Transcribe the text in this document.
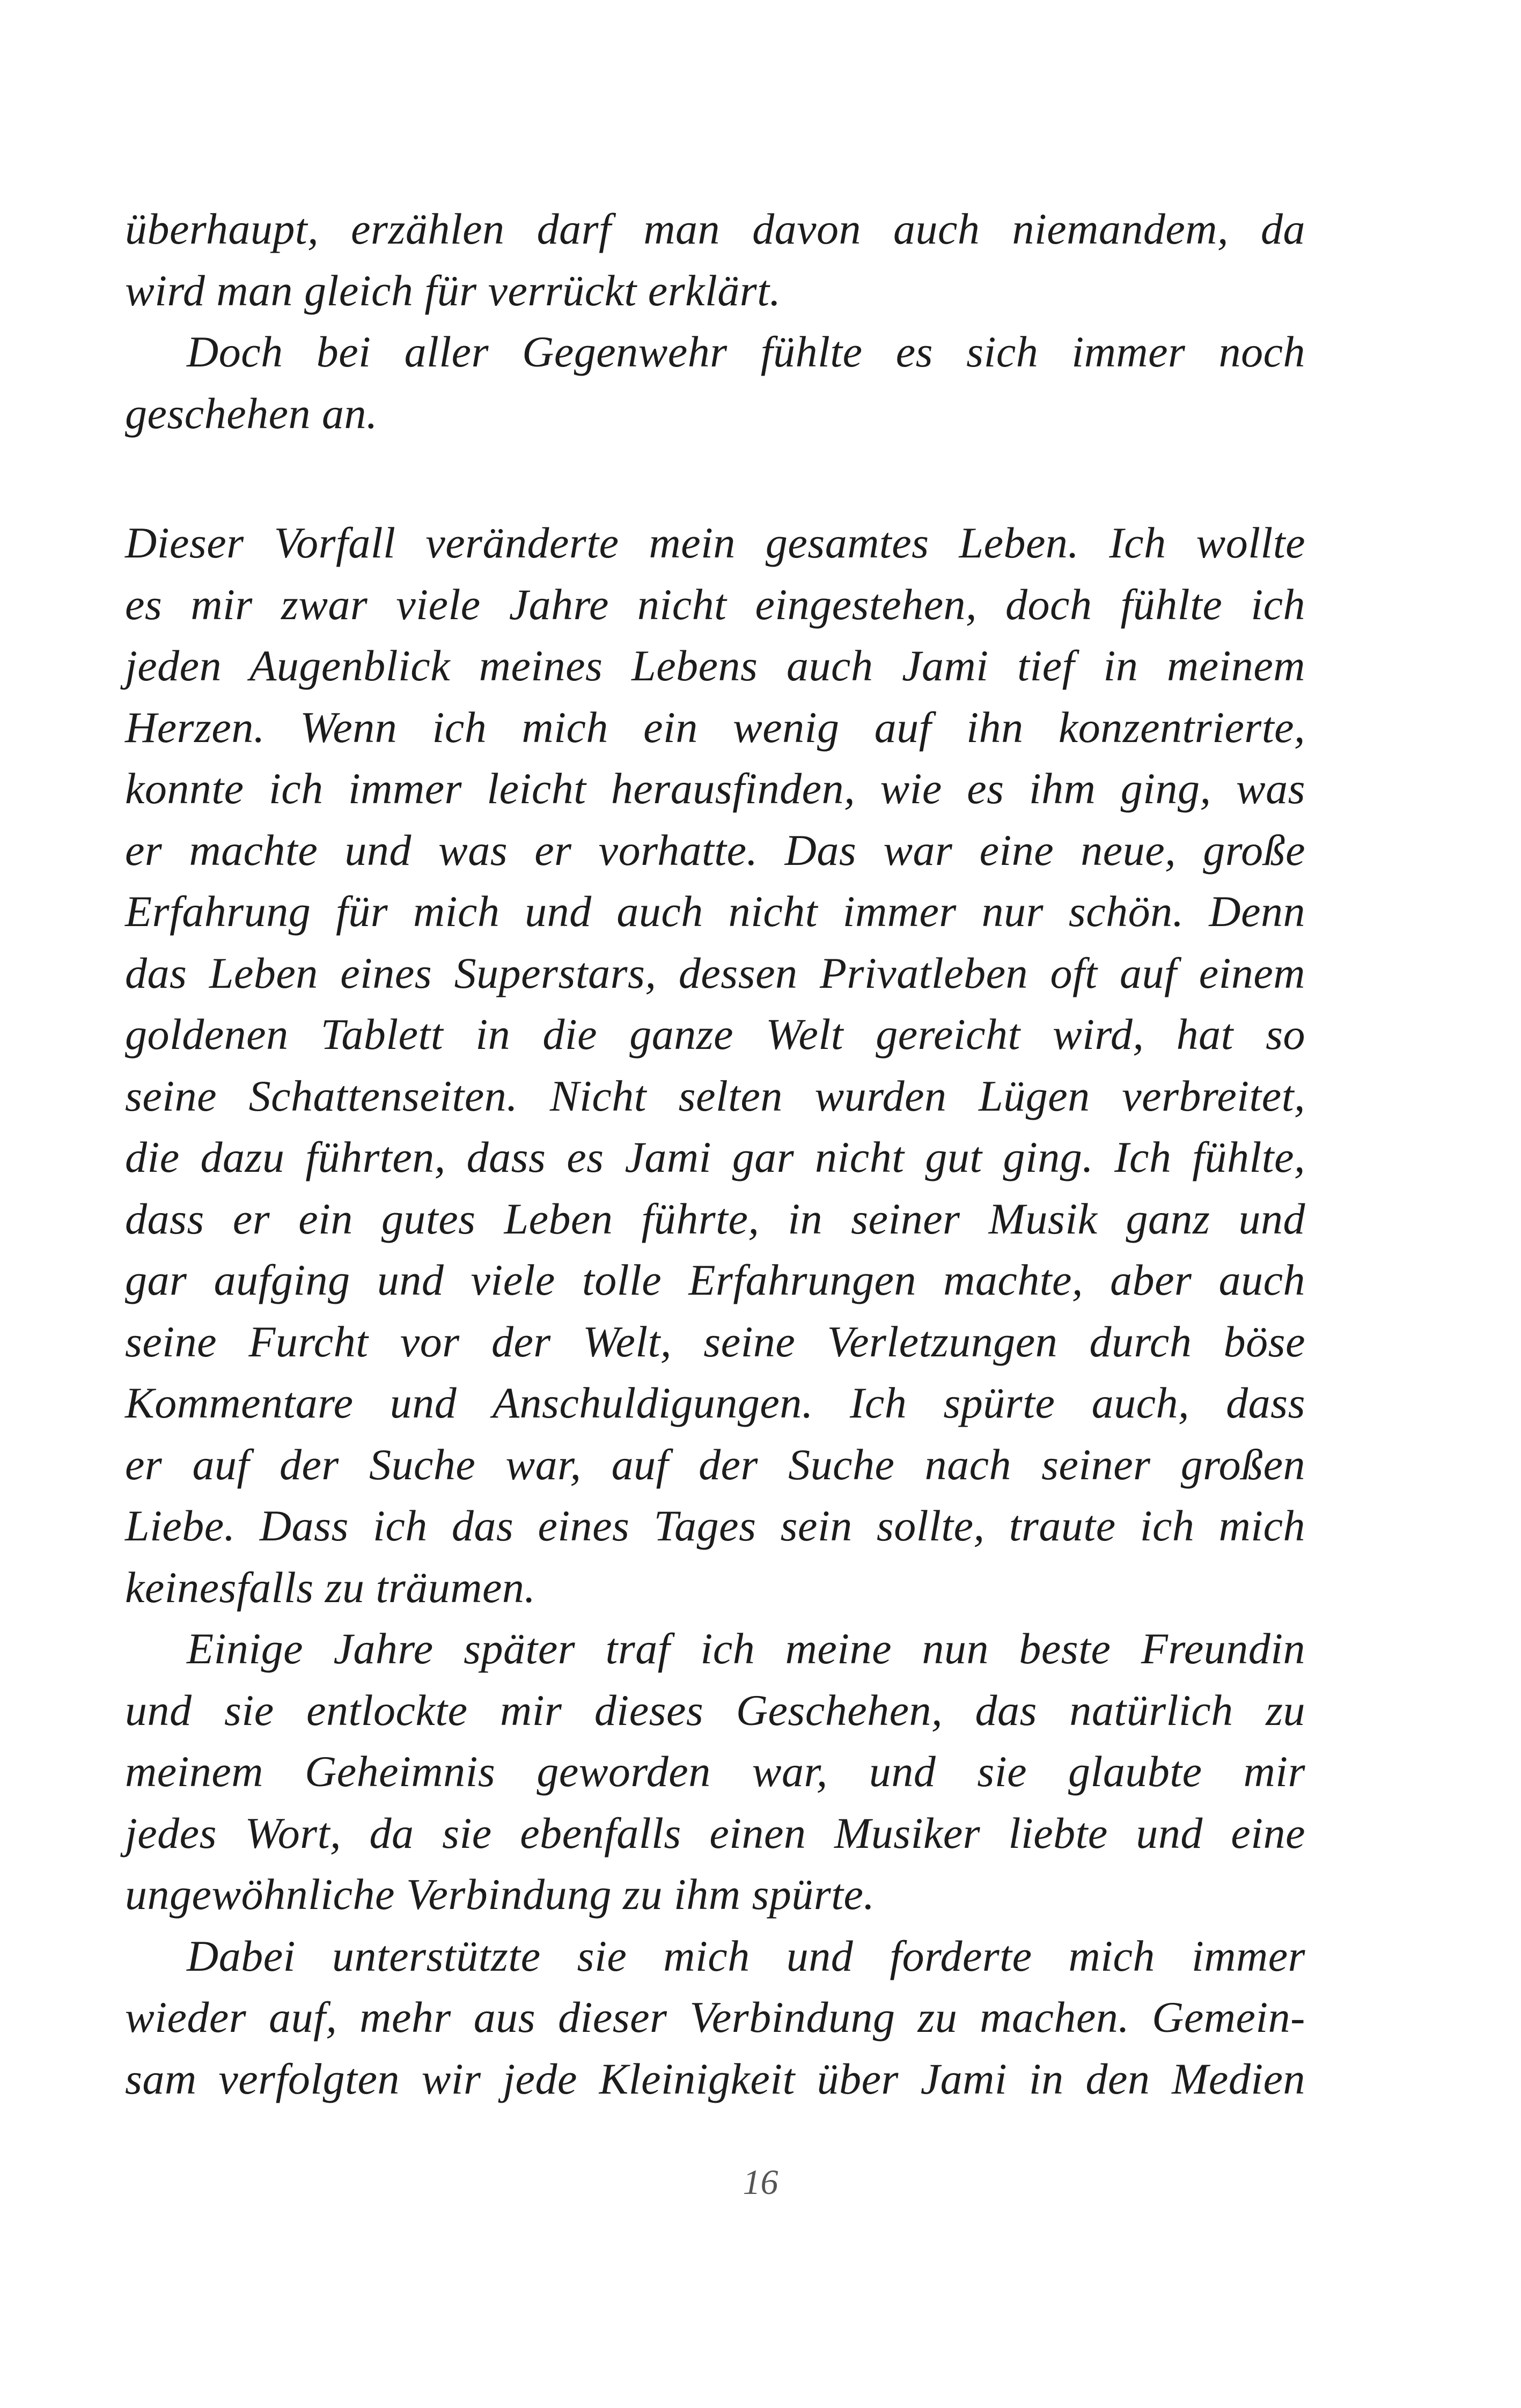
überhaupt, erzählen darf man davon auch niemandem, da
wird man gleich für verrückt erklärt.
Doch bei aller Gegenwehr fühlte es sich immer noch
geschehen an.
Dieser Vorfall veränderte mein gesamtes Leben. Ich wollte
es mir zwar viele Jahre nicht eingestehen, doch fühlte ich
jeden Augenblick meines Lebens auch Jami tief in meinem
Herzen. Wenn ich mich ein wenig auf ihn konzentrierte,
konnte ich immer leicht herausfinden, wie es ihm ging, was
er machte und was er vorhatte. Das war eine neue, große
Erfahrung für mich und auch nicht immer nur schön. Denn
das Leben eines Superstars, dessen Privatleben oft auf einem
goldenen Tablett in die ganze Welt gereicht wird, hat so
seine Schattenseiten. Nicht selten wurden Lügen verbreitet,
die dazu führten, dass es Jami gar nicht gut ging. Ich fühlte,
dass er ein gutes Leben führte, in seiner Musik ganz und
gar aufging und viele tolle Erfahrungen machte, aber auch
seine Furcht vor der Welt, seine Verletzungen durch böse
Kommentare und Anschuldigungen. Ich spürte auch, dass
er auf der Suche war, auf der Suche nach seiner großen
Liebe. Dass ich das eines Tages sein sollte, traute ich mich
keinesfalls zu träumen.
Einige Jahre später traf ich meine nun beste Freundin
und sie entlockte mir dieses Geschehen, das natürlich zu
meinem Geheimnis geworden war, und sie glaubte mir
jedes Wort, da sie ebenfalls einen Musiker liebte und eine
ungewöhnliche Verbindung zu ihm spürte.
Dabei unterstützte sie mich und forderte mich immer
wieder auf, mehr aus dieser Verbindung zu machen. Gemein-
sam verfolgten wir jede Kleinigkeit über Jami in den Medien
16
